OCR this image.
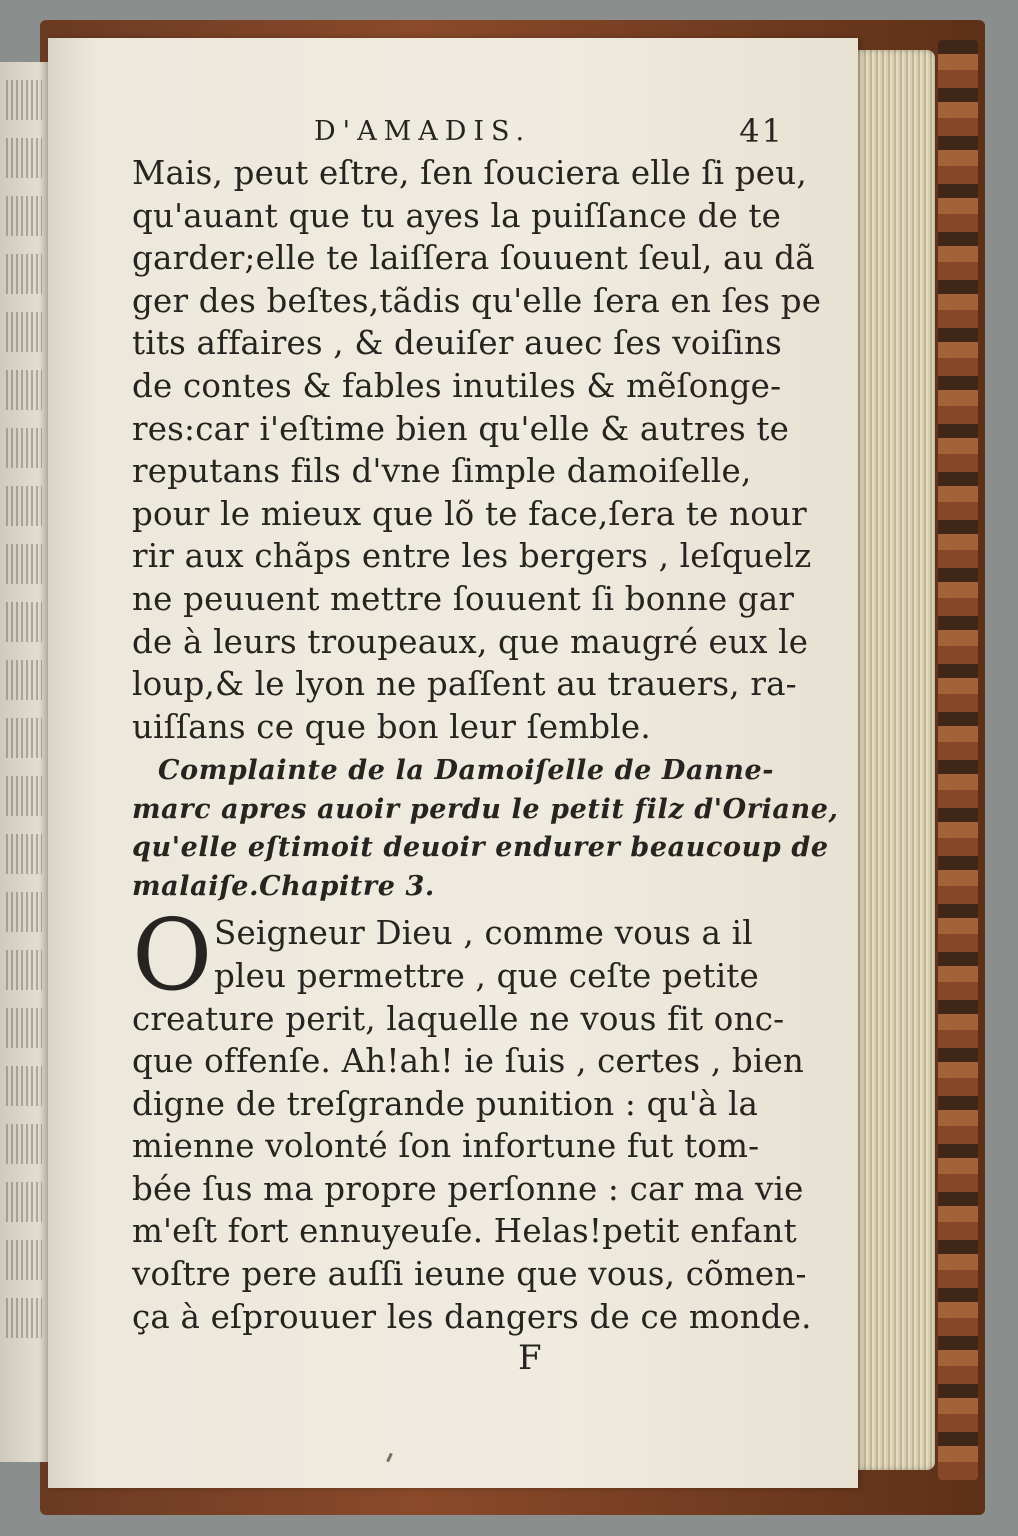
D'AMADIS.	41
Mais, peut eſtre, ſen ſouciera elle ſi peu,
qu'auant que tu ayes la puiſſance de te
garder;elle te laiſſera ſouuent ſeul, au dã
ger des beſtes,tãdis qu'elle ſera en ſes pe
tits affaires , & deuiſer auec ſes voiſins
de contes & fables inutiles & mẽſonge-
res:car i'eſtime bien qu'elle & autres te
reputans fils d'vne ſimple damoiſelle,
pour le mieux que lõ te face,ſera te nour
rir aux chãps entre les bergers , leſquelz
ne peuuent mettre ſouuent ſi bonne gar
de à leurs troupeaux, que maugré eux le
loup,& le lyon ne paſſent au trauers, ra-
uiſſans ce que bon leur ſemble.
Complainte de la Damoiſelle de Danne-
marc apres auoir perdu le petit filz d'Oriane,
qu'elle eſtimoit deuoir endurer beaucoup de
malaiſe.Chapitre 3.
O Seigneur Dieu , comme vous a il
pleu permettre , que ceſte petite
creature perit, laquelle ne vous fit onc-
que offenſe. Ah!ah! ie ſuis , certes , bien
digne de treſgrande punition : qu'à la
mienne volonté ſon infortune fut tom-
bée ſus ma propre perſonne : car ma vie
m'eſt fort ennuyeuſe. Helas!petit enfant
voſtre pere auſſi ieune que vous, cõmen-
ça à eſprouuer les dangers de ce monde.
F
